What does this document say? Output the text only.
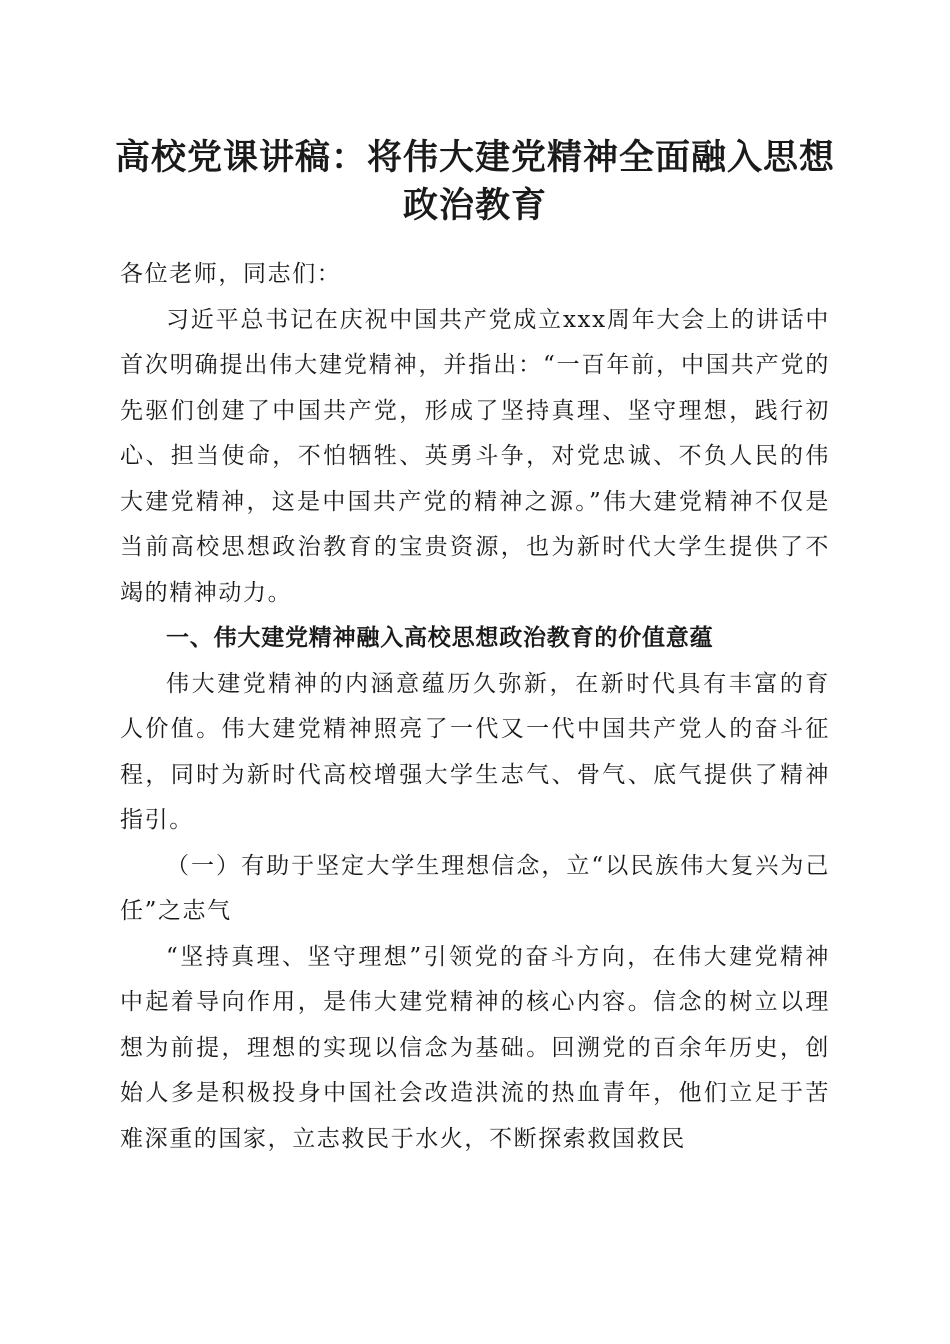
高校党课讲稿：将伟大建党精神全面融入思想政治教育

各位老师，同志们：

习近平总书记在庆祝中国共产党成立xxx周年大会上的讲话中首次明确提出伟大建党精神，并指出：“一百年前，中国共产党的先驱们创建了中国共产党，形成了坚持真理、坚守理想，践行初心、担当使命，不怕牺牲、英勇斗争，对党忠诚、不负人民的伟大建党精神，这是中国共产党的精神之源。”伟大建党精神不仅是当前高校思想政治教育的宝贵资源，也为新时代大学生提供了不竭的精神动力。

一、伟大建党精神融入高校思想政治教育的价值意蕴

伟大建党精神的内涵意蕴历久弥新，在新时代具有丰富的育人价值。伟大建党精神照亮了一代又一代中国共产党人的奋斗征程，同时为新时代高校增强大学生志气、骨气、底气提供了精神指引。

（一）有助于坚定大学生理想信念，立“以民族伟大复兴为己任”之志气

“坚持真理、坚守理想”引领党的奋斗方向，在伟大建党精神中起着导向作用，是伟大建党精神的核心内容。信念的树立以理想为前提，理想的实现以信念为基础。回溯党的百余年历史，创始人多是积极投身中国社会改造洪流的热血青年，他们立足于苦难深重的国家，立志救民于水火，不断探索救国救民
